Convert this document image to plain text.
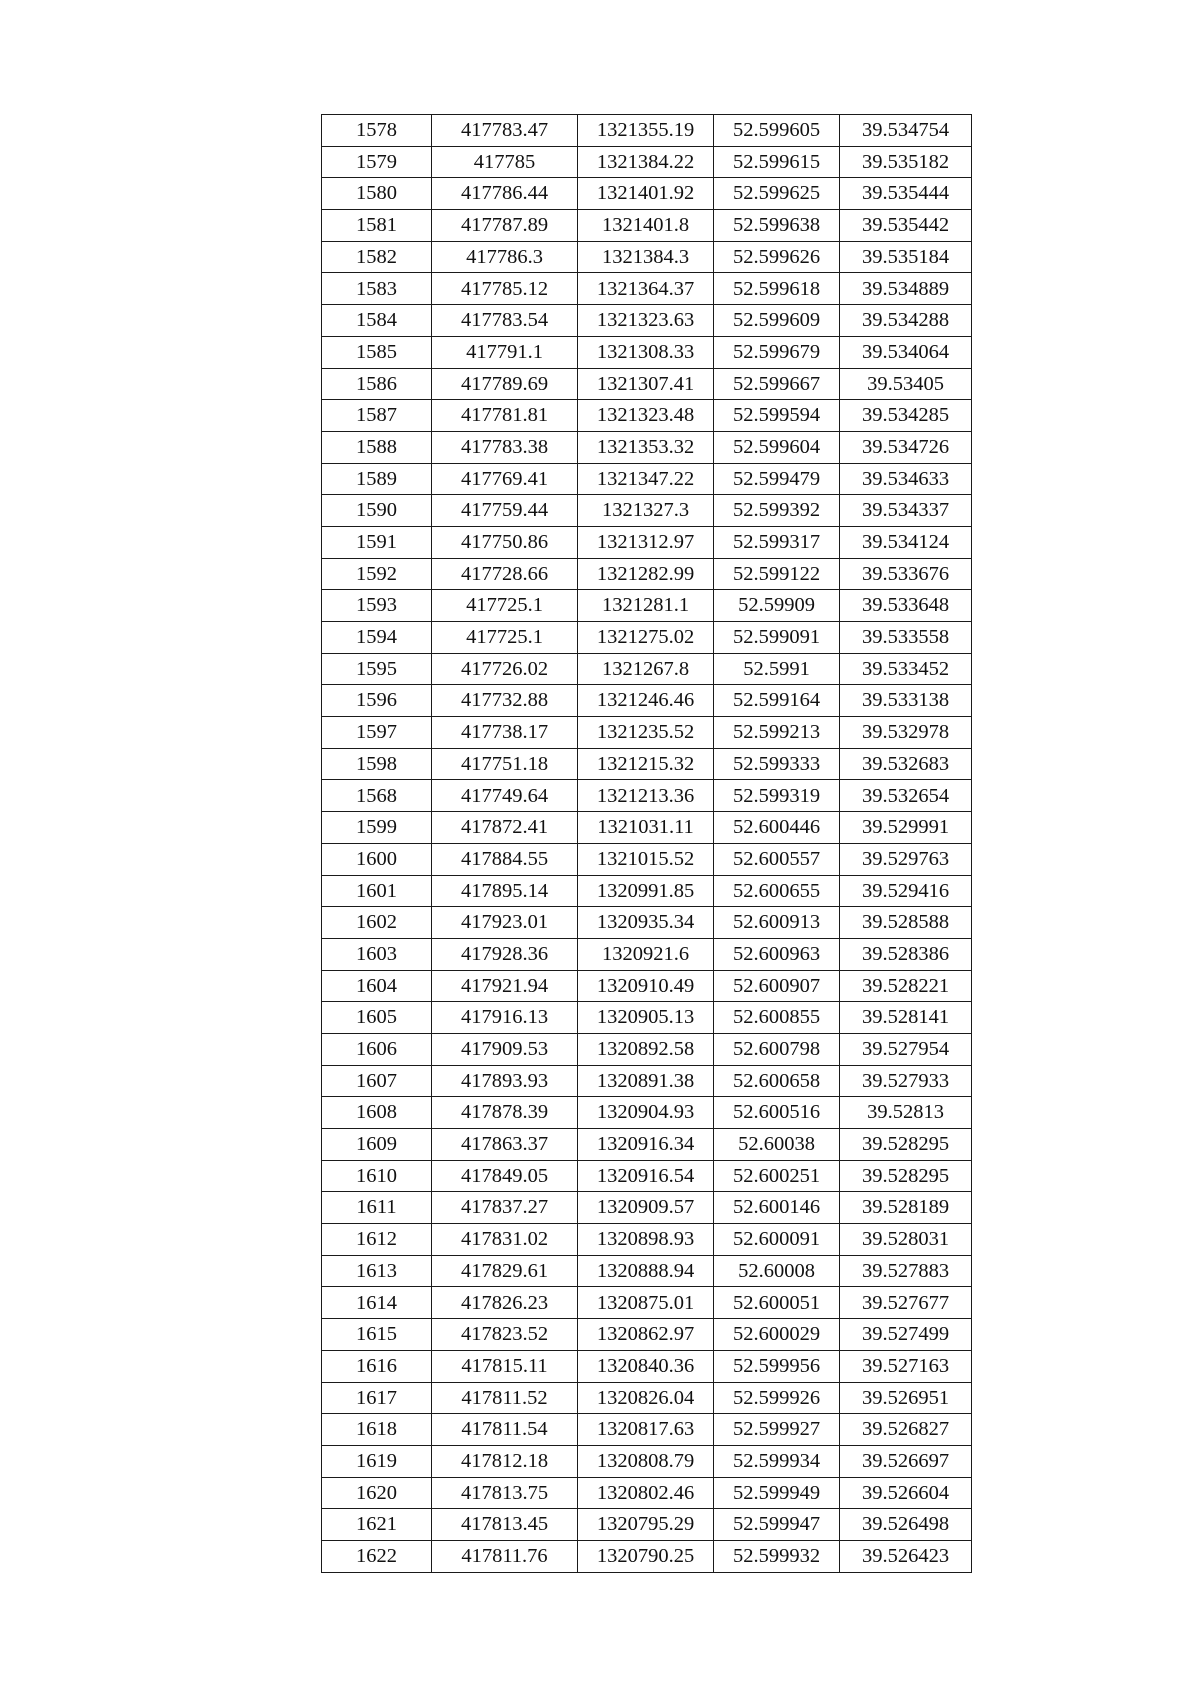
1578	417783.47	1321355.19	52.599605	39.534754
1579	417785	1321384.22	52.599615	39.535182
1580	417786.44	1321401.92	52.599625	39.535444
1581	417787.89	1321401.8	52.599638	39.535442
1582	417786.3	1321384.3	52.599626	39.535184
1583	417785.12	1321364.37	52.599618	39.534889
1584	417783.54	1321323.63	52.599609	39.534288
1585	417791.1	1321308.33	52.599679	39.534064
1586	417789.69	1321307.41	52.599667	39.53405
1587	417781.81	1321323.48	52.599594	39.534285
1588	417783.38	1321353.32	52.599604	39.534726
1589	417769.41	1321347.22	52.599479	39.534633
1590	417759.44	1321327.3	52.599392	39.534337
1591	417750.86	1321312.97	52.599317	39.534124
1592	417728.66	1321282.99	52.599122	39.533676
1593	417725.1	1321281.1	52.59909	39.533648
1594	417725.1	1321275.02	52.599091	39.533558
1595	417726.02	1321267.8	52.5991	39.533452
1596	417732.88	1321246.46	52.599164	39.533138
1597	417738.17	1321235.52	52.599213	39.532978
1598	417751.18	1321215.32	52.599333	39.532683
1568	417749.64	1321213.36	52.599319	39.532654
1599	417872.41	1321031.11	52.600446	39.529991
1600	417884.55	1321015.52	52.600557	39.529763
1601	417895.14	1320991.85	52.600655	39.529416
1602	417923.01	1320935.34	52.600913	39.528588
1603	417928.36	1320921.6	52.600963	39.528386
1604	417921.94	1320910.49	52.600907	39.528221
1605	417916.13	1320905.13	52.600855	39.528141
1606	417909.53	1320892.58	52.600798	39.527954
1607	417893.93	1320891.38	52.600658	39.527933
1608	417878.39	1320904.93	52.600516	39.52813
1609	417863.37	1320916.34	52.60038	39.528295
1610	417849.05	1320916.54	52.600251	39.528295
1611	417837.27	1320909.57	52.600146	39.528189
1612	417831.02	1320898.93	52.600091	39.528031
1613	417829.61	1320888.94	52.60008	39.527883
1614	417826.23	1320875.01	52.600051	39.527677
1615	417823.52	1320862.97	52.600029	39.527499
1616	417815.11	1320840.36	52.599956	39.527163
1617	417811.52	1320826.04	52.599926	39.526951
1618	417811.54	1320817.63	52.599927	39.526827
1619	417812.18	1320808.79	52.599934	39.526697
1620	417813.75	1320802.46	52.599949	39.526604
1621	417813.45	1320795.29	52.599947	39.526498
1622	417811.76	1320790.25	52.599932	39.526423
